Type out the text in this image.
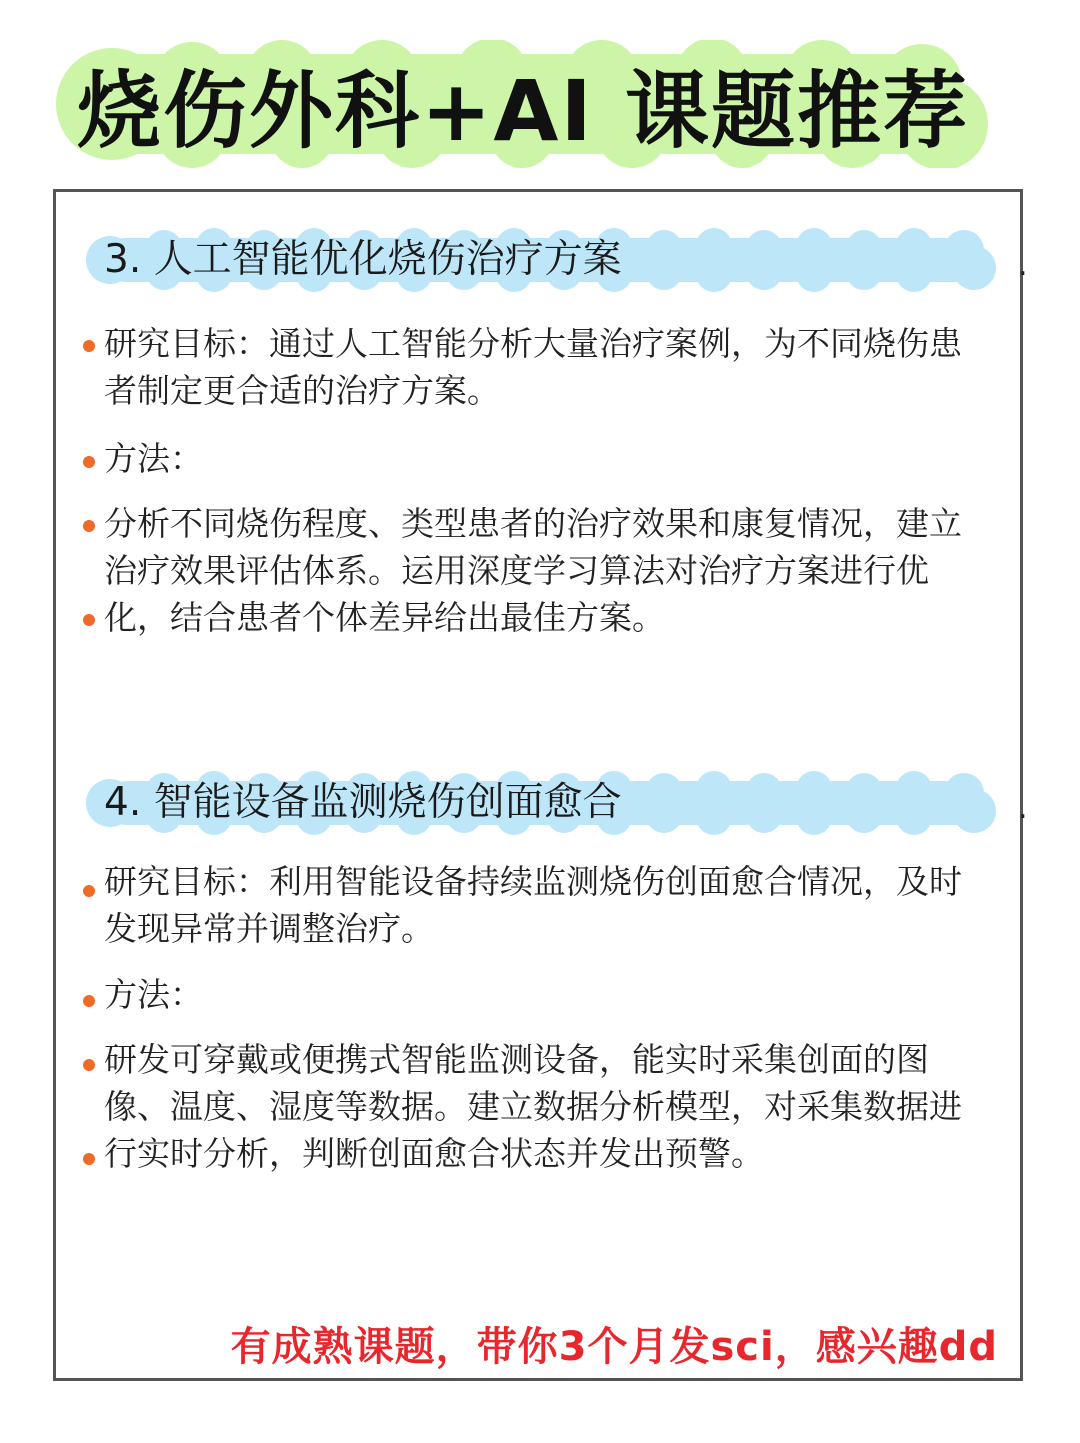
烧伤外科+AI 课题推荐
3. 人工智能优化烧伤治疗方案	.
研究目标：通过人工智能分析大量治疗案例，为不同烧伤患者制定更合适的治疗方案。
方法：
分析不同烧伤程度、类型患者的治疗效果和康复情况，建立治疗效果评估体系。运用深度学习算法对治疗方案进行优化，结合患者个体差异给出最佳方案。
4. 智能设备监测烧伤创面愈合	.
研究目标：利用智能设备持续监测烧伤创面愈合情况，及时发现异常并调整治疗。
方法：
研发可穿戴或便携式智能监测设备，能实时采集创面的图像、温度、湿度等数据。建立数据分析模型，对采集数据进行实时分析，判断创面愈合状态并发出预警。
有成熟课题，带你3个月发sci，感兴趣dd
